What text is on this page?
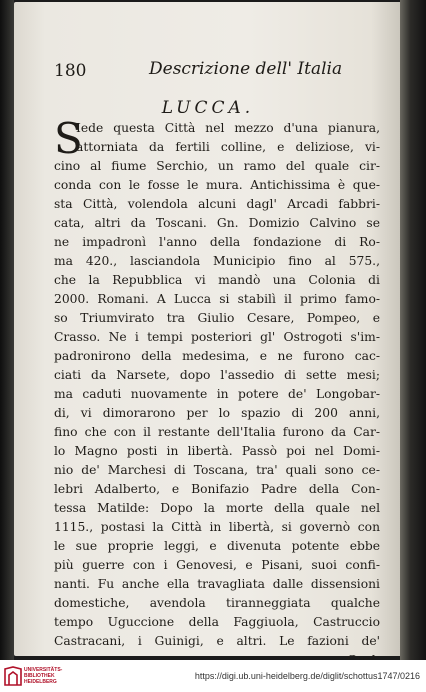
180	Descrizione dell' Italia
LUCCA.
S
Iede questa Città nel mezzo d'una pianura,
attorniata da fertili colline, e deliziose, vi-
cino al fiume Serchio, un ramo del quale cir-
conda con le fosse le mura. Antichissima è que-
sta Città, volendola alcuni dagl' Arcadi fabbri-
cata, altri da Toscani. Gn. Domizio Calvino se
ne impadronì l'anno della fondazione di Ro-
ma 420., lasciandola Municipio fino al 575.,
che la Repubblica vi mandò una Colonia di
2000. Romani. A Lucca si stabilì il primo famo-
so Triumvirato tra Giulio Cesare, Pompeo, e
Crasso. Ne i tempi posteriori gl' Ostrogoti s'im-
padronirono della medesima, e ne furono cac-
ciati da Narsete, dopo l'assedio di sette mesi;
ma caduti nuovamente in potere de' Longobar-
di, vi dimorarono per lo spazio di 200 anni,
fino che con il restante dell'Italia furono da Car-
lo Magno posti in libertà. Passò poi nel Domi-
nio de' Marchesi di Toscana, tra' quali sono ce-
lebri Adalberto, e Bonifazio Padre della Con-
tessa Matilde: Dopo la morte della quale nel
1115., postasi la Città in libertà, si governò con
le sue proprie leggi, e divenuta potente ebbe
più guerre con i Genovesi, e Pisani, suoi confi-
nanti. Fu anche ella travagliata dalle dissensioni
domestiche, avendola tiranneggiata qualche
tempo Uguccione della Faggiuola, Castruccio
Castracani, i Guinigi, e altri. Le fazioni de'
UNIVERSITÄTS-
BIBLIOTHEK
HEIDELBERG
https://digi.ub.uni-heidelberg.de/diglit/schottus1747/0216
